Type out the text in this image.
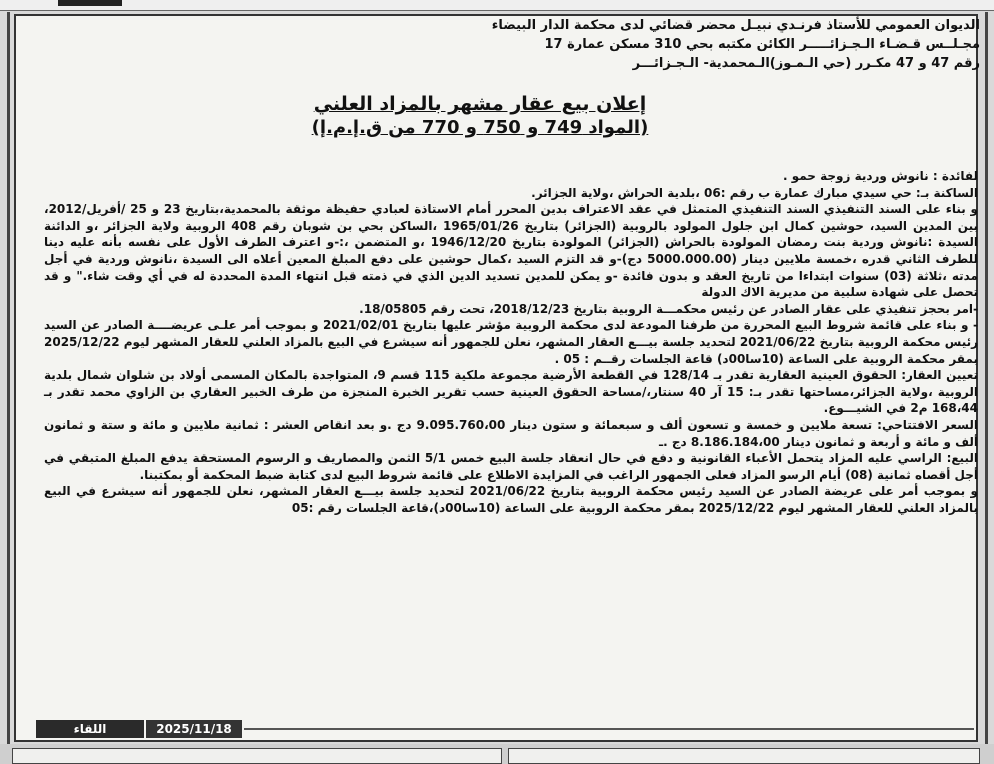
الديوان العمومي للأستاذ فرنـدي نبيـل محضر قضائي لدى محكمة الدار البيضاء
مجـلــس قـضـاء الـجـزائـــــر الكائن مكتبه بحي 310 مسكن عمارة 17
رقم 47 و 47 مكـرر (حي الـمـوز)الـمحمدية- الـجـزائـــر
إعلان بيع عقار مشهر بالمزاد العلني
(المواد 749 و 750 و 770 من ق.إ.م.إ)

لفائدة : نانوش وردية زوجة حمو .

الساكنة بـ: حي سيدي مبارك عمارة ب رقم :06 ،بلدية الحراش ،ولاية الجزائر.

و بناء على السند التنفيذي السند التنفيذي المتمثل في عقد الاعتراف بدين المحرر أمام الاستاذة لعبادي حفيظة موثقة بالمحمدية،بتاريخ 23 و 25 /أفريل/2012، بين المدين السيد، حوشين كمال ابن جلول المولود بالروبية (الجزائر) بتاريخ 1965/01/26 ،الساكن بحي بن شوبان رقم 408 الروبية ولاية الجزائر ،و الدائنة السيدة :نانوش وردية بنت رمضان المولودة بالحراش (الجزائر) المولودة بتاريخ 1946/12/20 ،و المتضمن ،:-و اعترف الطرف الأول على نفسه بأنه عليه دينا للطرف الثاني قدره ،خمسة ملايين دينار (5000.000.00 دج)-و قد التزم السيد ،كمال حوشين على دفع المبلغ المعين أعلاه الى السيدة ،نانوش وردية في أجل مدته ،ثلاثة (03) سنوات ابتداءا من تاريخ العقد و بدون فائدة -و يمكن للمدين تسديد الدين الذي في ذمته قبل انتهاء المدة المحددة له في أي وقت شاء." و قد تحصل على شهادة سلبية من مديرية الاك الدولة

-امر بحجز تنفيذي على عقار الصادر عن رئيس محكمـــة الروبية بتاريخ 2018/12/23، تحت رقم 18/05805.

- و بناء على قائمة شروط البيع المحررة من طرفنا المودعة لدى محكمة الروبية مؤشر عليها بتاريخ 2021/02/01 و بموجب أمر علـى عريضــــة الصادر عن السيد رئيس محكمة الروبية بتاريخ 2021/06/22 لتحديد جلسة بيـــع العقار المشهر، نعلن للجمهور أنه سيشرع في البيع بالمزاد العلني للعقار المشهر ليوم 2025/12/22 بمقر محكمة الروبية على الساعة (10سا00د) قاعة الجلسات رقــم : 05 .

تعيين العقار: الحقوق العينية العقارية تقدر بـ 128/14 في القطعة الأرضية مجموعة ملكية 115 قسم 9، المتواجدة بالمكان المسمى أولاد بن شلوان شمال بلدية الروبية ،ولاية الجزائر،مساحتها تقدر بـ: 15 آر 40 سنتار،/مساحة الحقوق العينية حسب تقرير الخبرة المنجزة من طرف الخبير العقاري بن الزاوي محمد تقدر بـ 168،44 م2 في الشيـــوع.

السعر الافتتاحي: تسعة ملايين و خمسة و تسعون ألف و سبعمائة و ستون دينار 9.095.760،00 دج .و بعد انقاص العشر : ثمانية ملايين و مائة و ستة و ثمانون ألف و مائة و أربعة و ثمانون دينار 8.186.184،00 دج .ـ

البيع: الراسي عليه المزاد يتحمل الأعباء القانونية و دفع في حال انعقاد جلسة البيع خمس 5/1 الثمن والمصاريف و الرسوم المستحقة يدفع المبلغ المتبقي في أجل أقصاه ثمانية (08) أيام الرسو المزاد فعلى الجمهور الراغب في المزايدة الاطلاع على قائمة شروط البيع لدى كتابة ضبط المحكمة أو بمكتبنا.

و بموجب أمر على عريضة الصادر عن السيد رئيس محكمة الروبية بتاريخ 2021/06/22 لتحديد جلسة بيـــع العقار المشهر، نعلن للجمهور أنه سيشرع في البيع بالمزاد العلني للعقار المشهر ليوم 2025/12/22 بمقر محكمة الروبية على الساعة (10سا00د)،قاعة الجلسات رقم :05

اللقاء	2025/11/18
